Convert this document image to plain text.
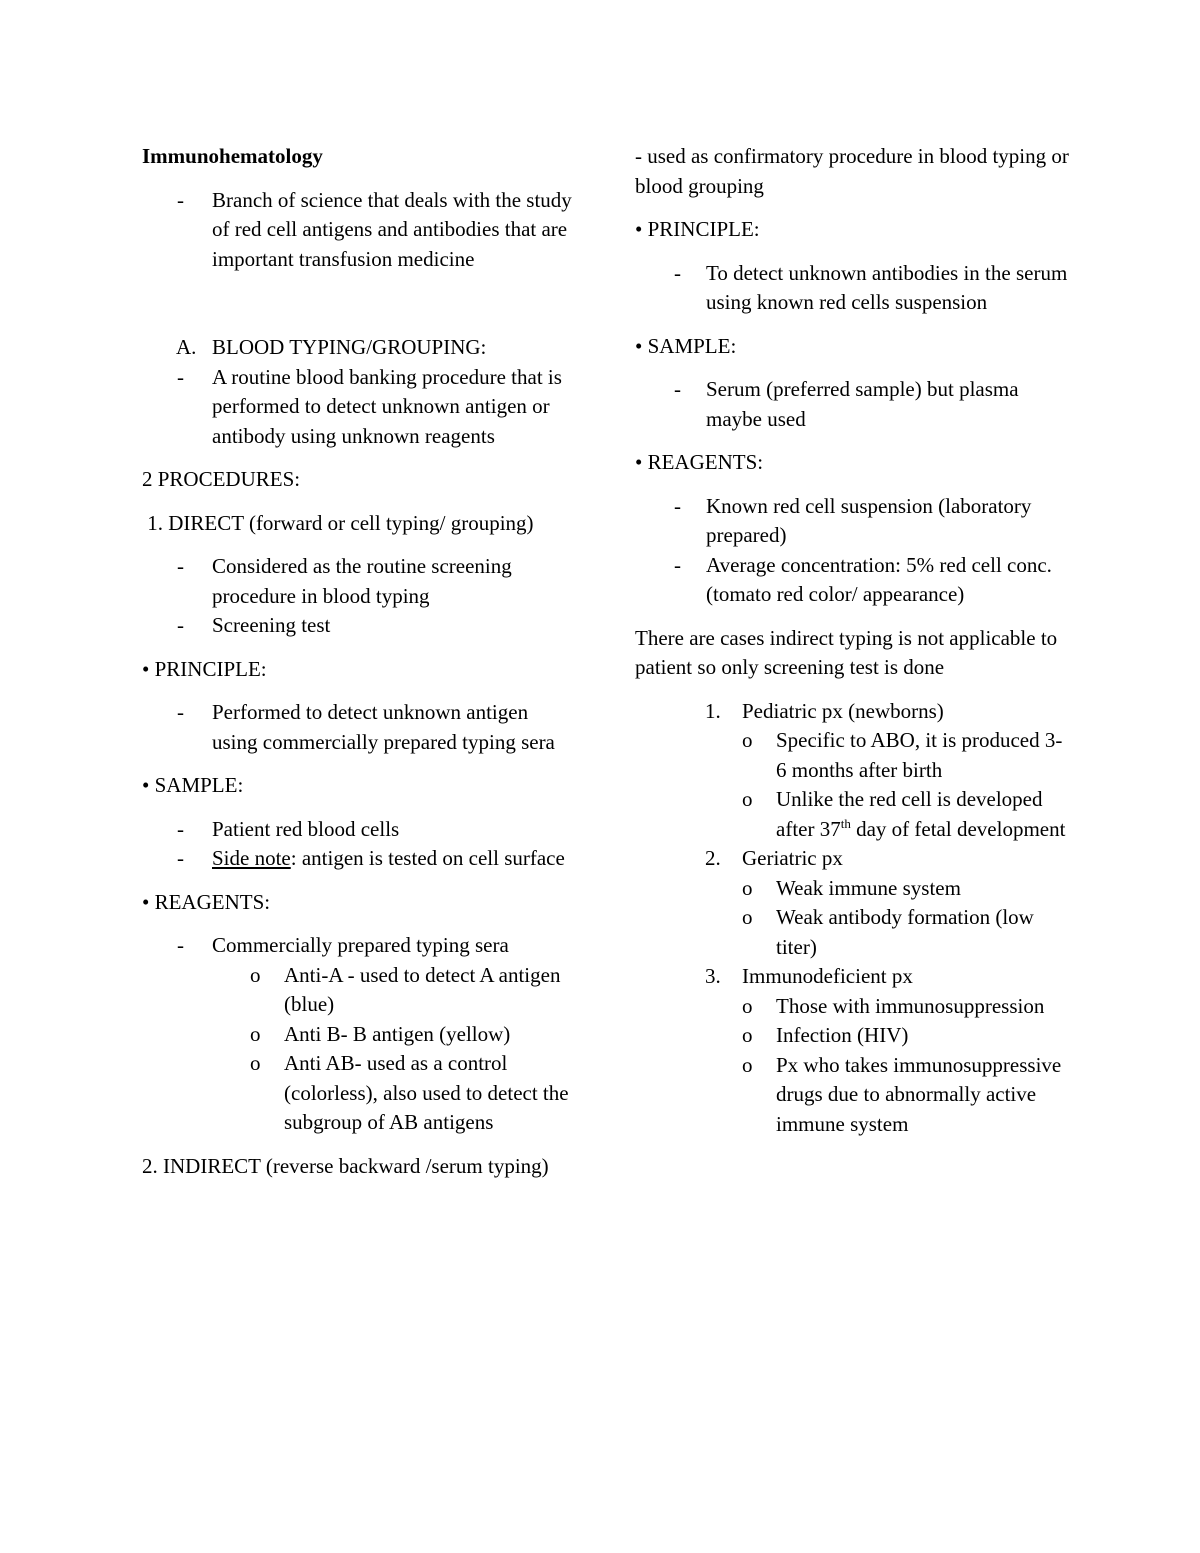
Immunohematology

- Branch of science that deals with the study of red cell antigens and antibodies that are important transfusion medicine
A. BLOOD TYPING/GROUPING:
- A routine blood banking procedure that is performed to detect unknown antigen or antibody using unknown reagents

2 PROCEDURES:

1. DIRECT (forward or cell typing/ grouping)

- Considered as the routine screening procedure in blood typing
- Screening test

• PRINCIPLE:

- Performed to detect unknown antigen using commercially prepared typing sera

• SAMPLE:

- Patient red blood cells
- Side note: antigen is tested on cell surface

• REAGENTS:

- Commercially prepared typing sera
o Anti-A - used to detect A antigen (blue)
o Anti B- B antigen (yellow)
o Anti AB- used as a control (colorless), also used to detect the subgroup of AB antigens

2. INDIRECT (reverse backward /serum typing)

- used as confirmatory procedure in blood typing or blood grouping

• PRINCIPLE:

- To detect unknown antibodies in the serum using known red cells suspension

• SAMPLE:

- Serum (preferred sample) but plasma maybe used

• REAGENTS:

- Known red cell suspension (laboratory prepared)
- Average concentration: 5% red cell conc. (tomato red color/ appearance)

There are cases indirect typing is not applicable to patient so only screening test is done

1. Pediatric px (newborns)
o Specific to ABO, it is produced 3-6 months after birth
o Unlike the red cell is developed after 37th day of fetal development
2. Geriatric px
o Weak immune system
o Weak antibody formation (low titer)
3. Immunodeficient px
o Those with immunosuppression
o Infection (HIV)
o Px who takes immunosuppressive drugs due to abnormally active immune system
